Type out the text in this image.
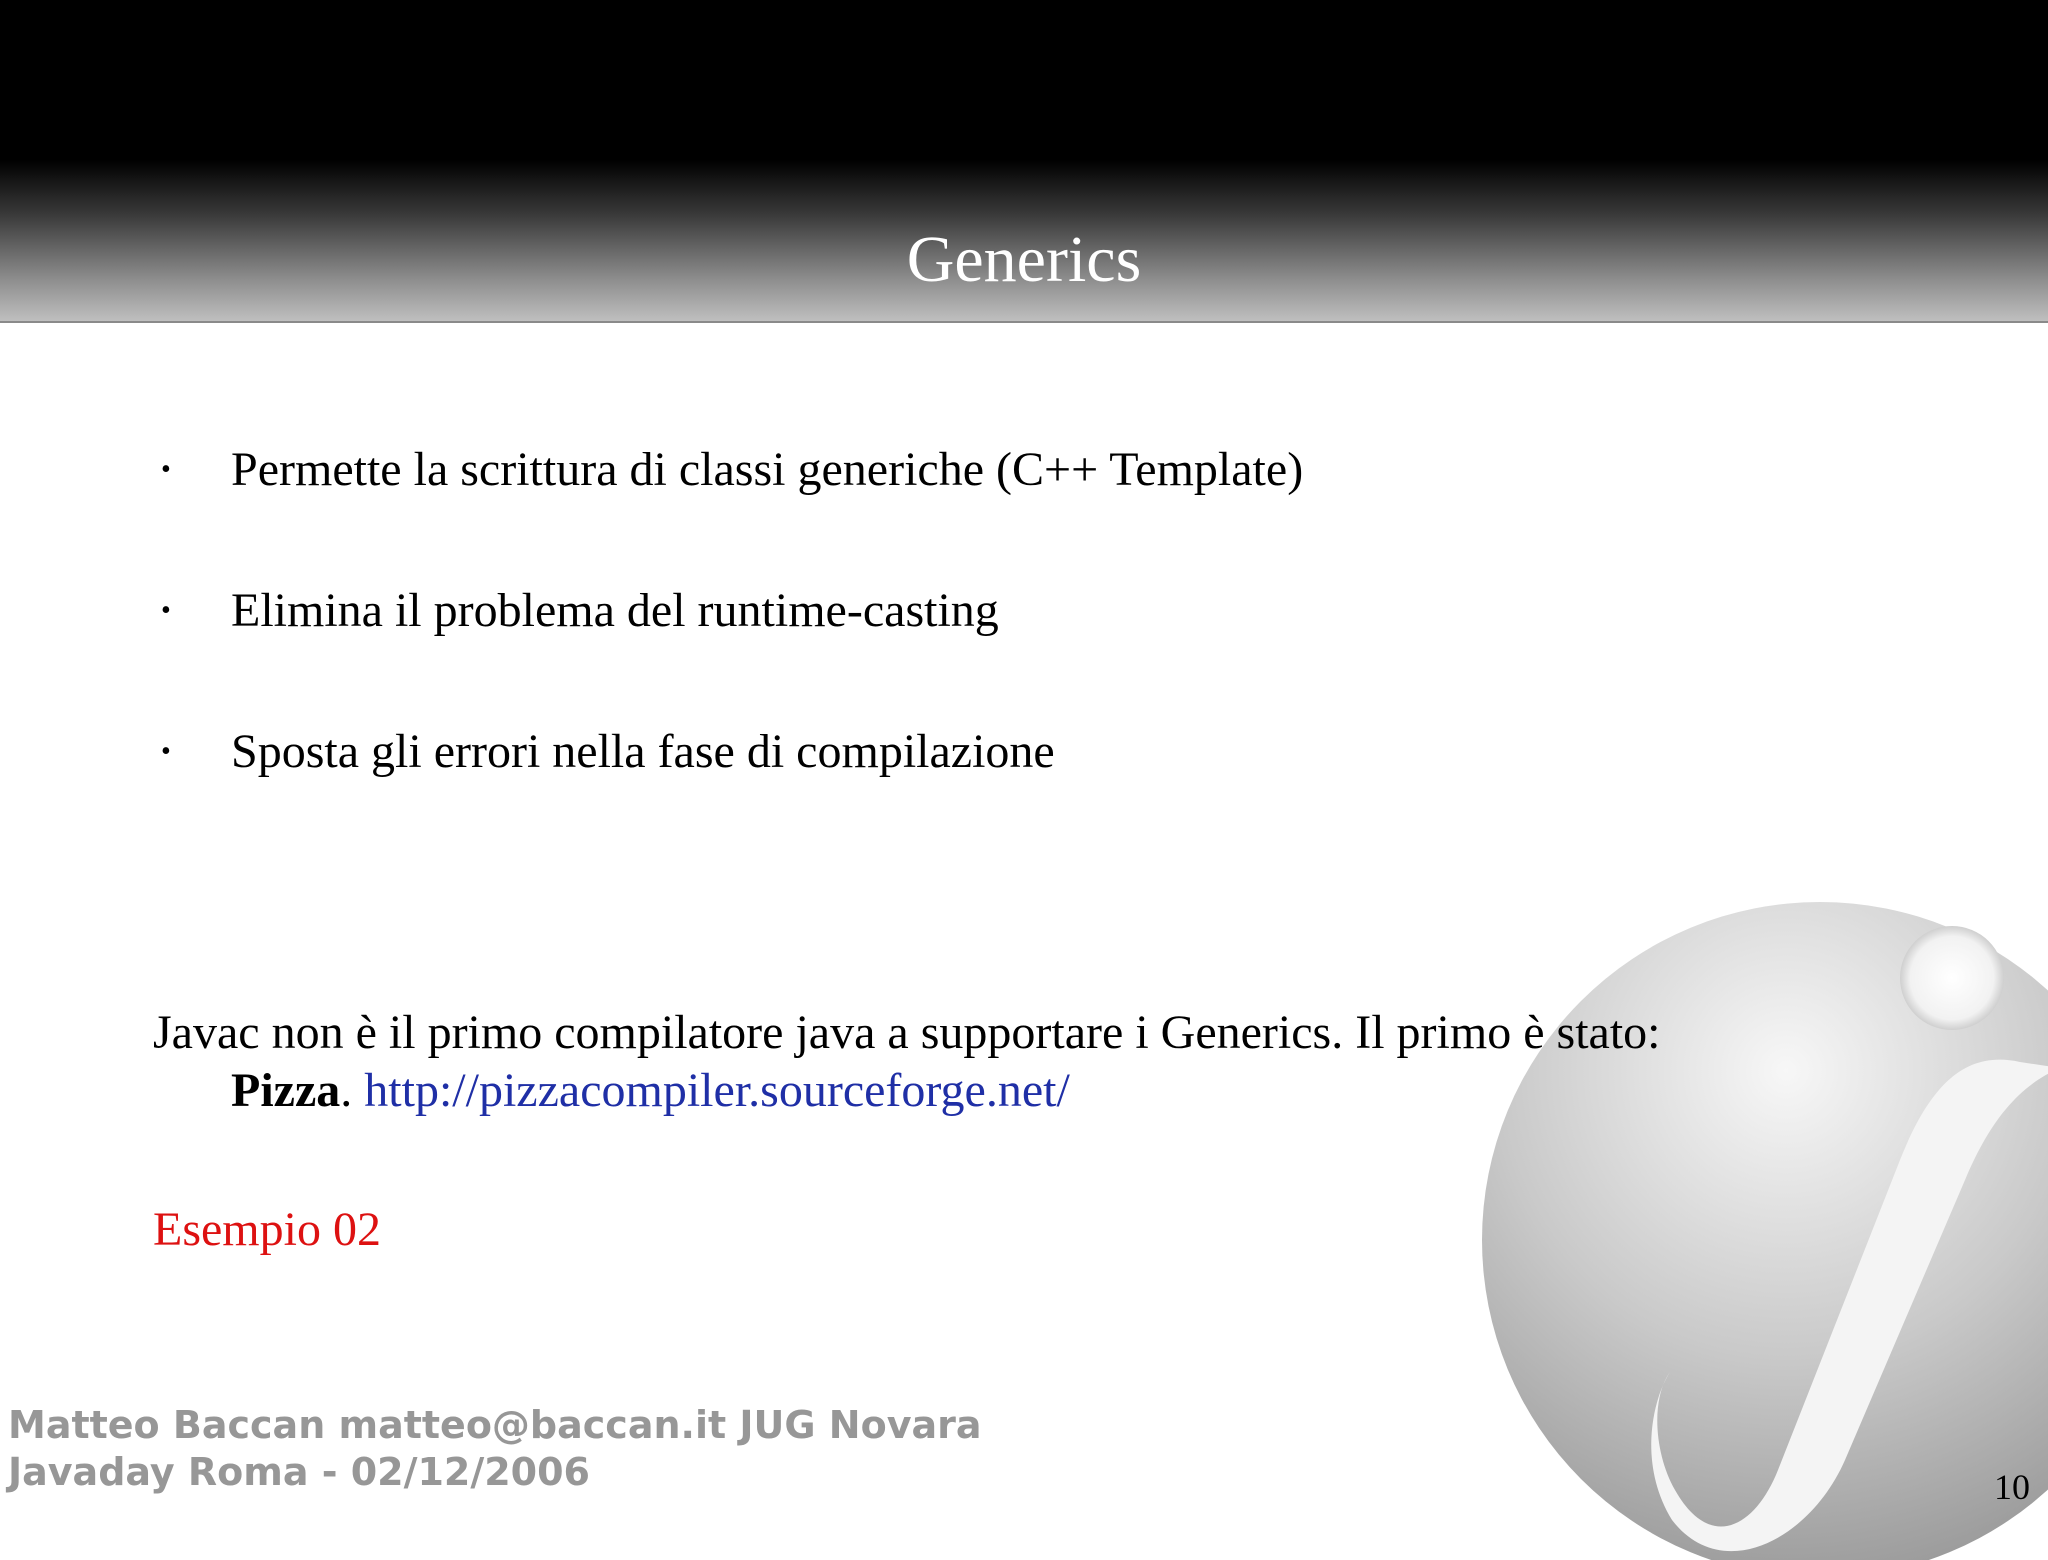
Generics
• Permette la scrittura di classi generiche (C++ Template)
• Elimina il problema del runtime-casting
• Sposta gli errori nella fase di compilazione
Javac non è il primo compilatore java a supportare i Generics. Il primo è stato:
Pizza. http://pizzacompiler.sourceforge.net/
Esempio 02
Matteo Baccan matteo@baccan.it JUG Novara
Javaday Roma - 02/12/2006	10
